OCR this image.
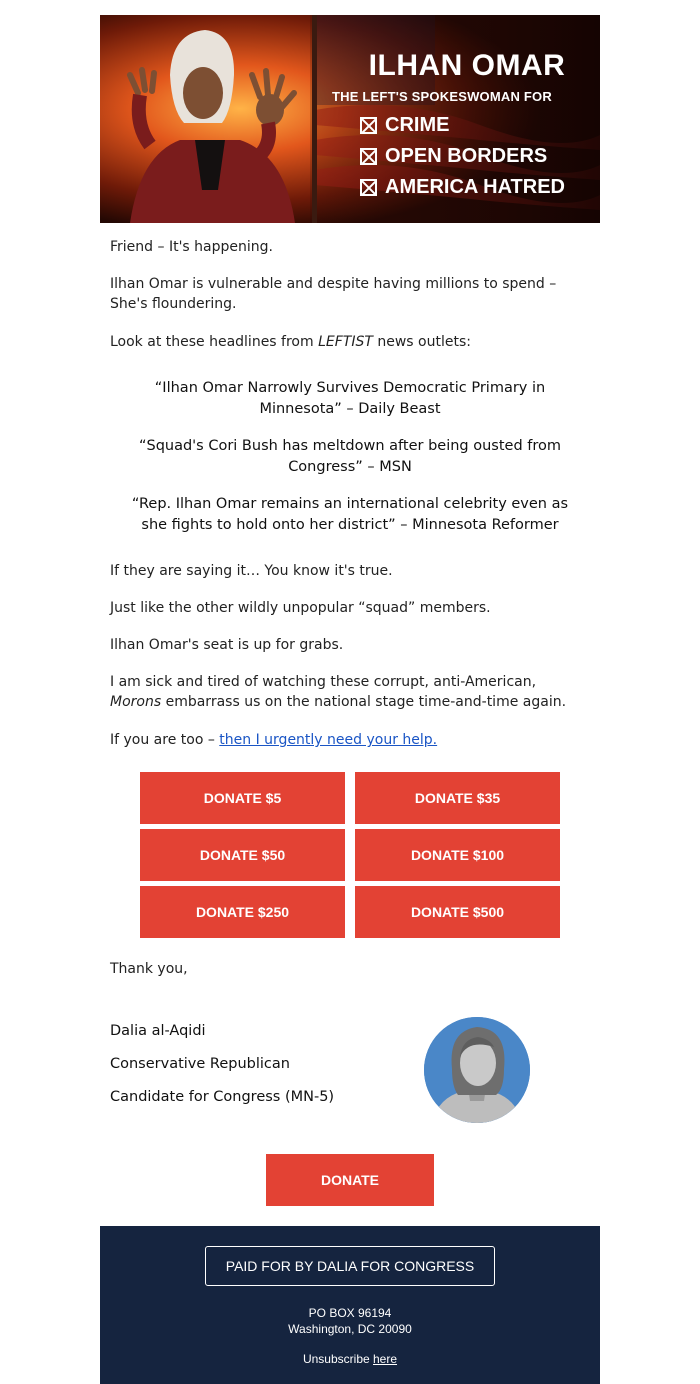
ILHAN OMAR
THE LEFT'S SPOKESWOMAN FOR
CRIME
OPEN BORDERS
AMERICA HATRED

Friend – It's happening.

Ilhan Omar is vulnerable and despite having millions to spend – She's floundering.

Look at these headlines from LEFTIST news outlets:

“Ilhan Omar Narrowly Survives Democratic Primary in Minnesota” – Daily Beast
“Squad's Cori Bush has meltdown after being ousted from Congress” – MSN
“Rep. Ilhan Omar remains an international celebrity even as she fights to hold onto her district” – Minnesota Reformer

If they are saying it… You know it's true.

Just like the other wildly unpopular “squad” members.

Ilhan Omar's seat is up for grabs.

I am sick and tired of watching these corrupt, anti-American, Morons embarrass us on the national stage time-and-time again.

If you are too – then I urgently need your help.

DONATE $5	DONATE $35
DONATE $50	DONATE $100
DONATE $250	DONATE $500
Thank you,
Dalia al-Aqidi
Conservative Republican
Candidate for Congress (MN-5)
DONATE
PAID FOR BY DALIA FOR CONGRESS
PO BOX 96194
Washington, DC 20090
Unsubscribe here
